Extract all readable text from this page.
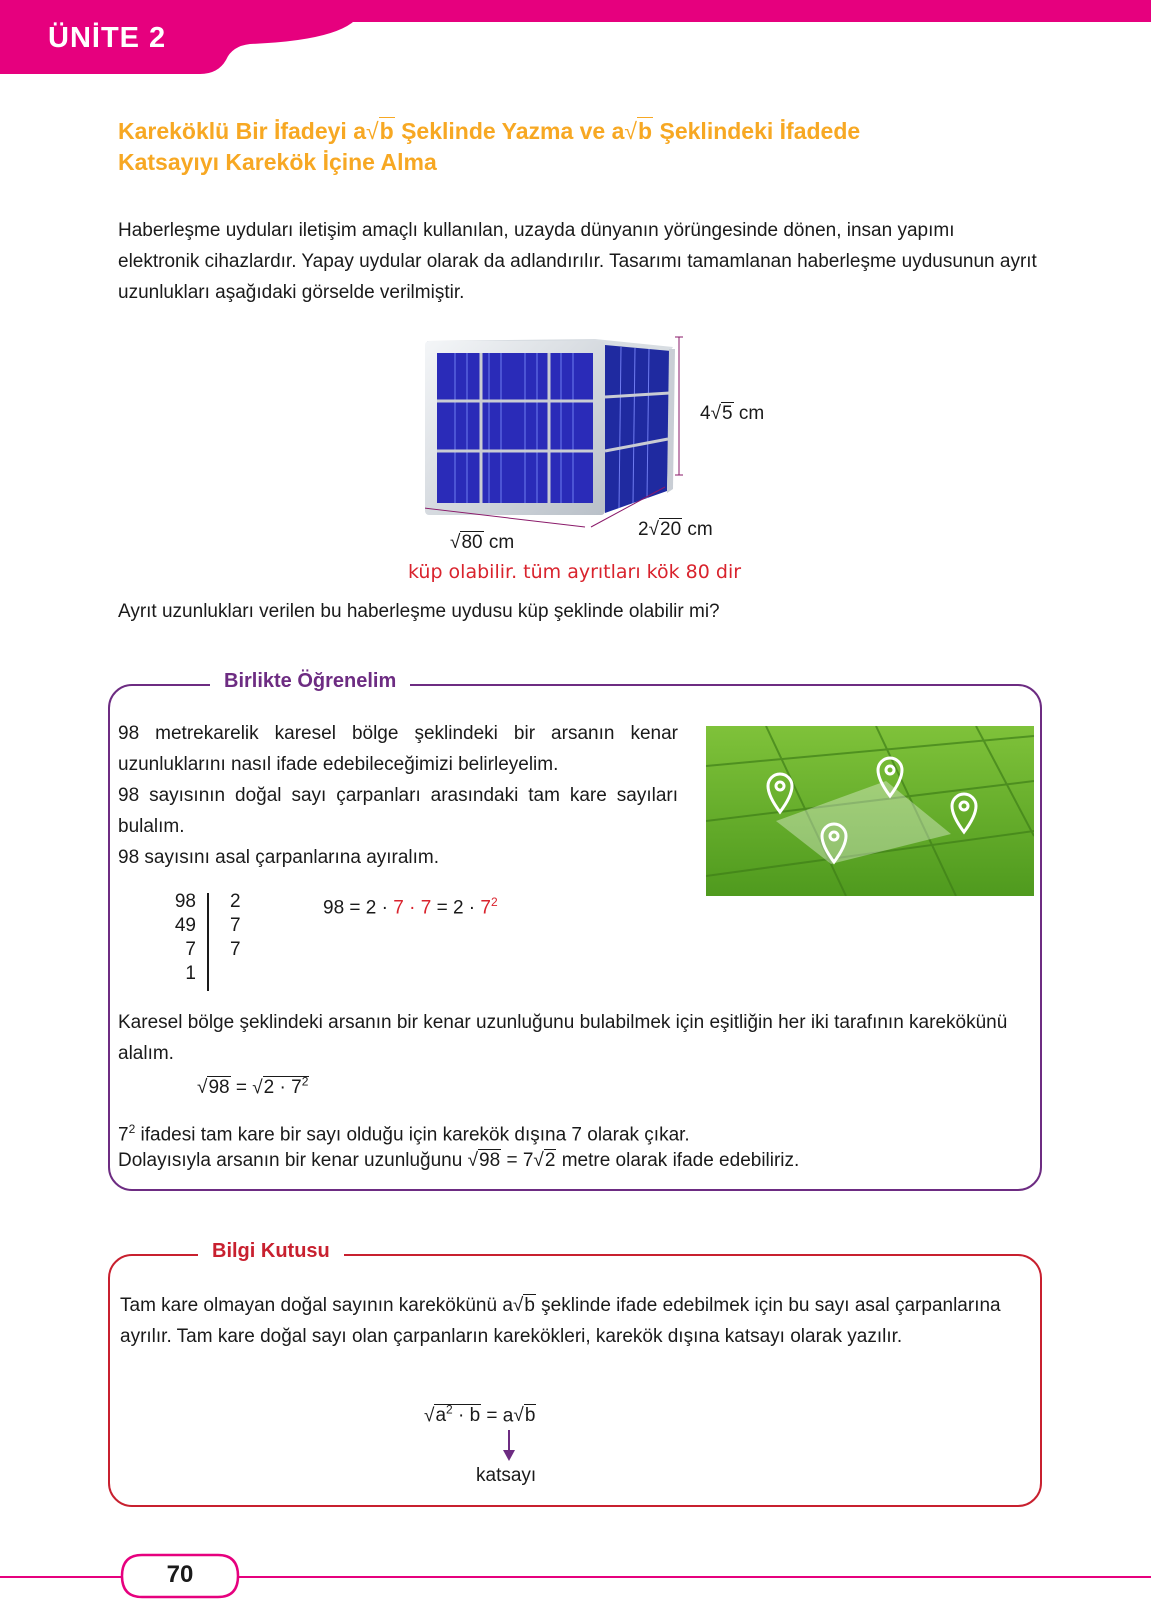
ÜNİTE 2
Kareköklü Bir İfadeyi a√b Şeklinde Yazma ve a√b Şeklindeki İfadede
Katsayıyı Karekök İçine Alma
Haberleşme uyduları iletişim amaçlı kullanılan, uzayda dünyanın yörüngesinde dönen, insan yapımı elektronik cihazlardır. Yapay uydular olarak da adlandırılır. Tasarımı tamamlanan haberleşme uydusunun ayrıt uzunlukları aşağıdaki görselde verilmiştir.
4√5 cm
√80 cm
2√20 cm
küp olabilir. tüm ayrıtları kök 80 dir
Ayrıt uzunlukları verilen bu haberleşme uydusu küp şeklinde olabilir mi?
Birlikte Öğrenelim
98 metrekarelik karesel bölge şeklindeki bir arsanın kenar uzunluklarını nasıl ifade edebileceğimizi belirleyelim.
98 sayısının doğal sayı çarpanları arasındaki tam kare sayıları bulalım.
98 sayısını asal çarpanlarına ayıralım.
98
49
7
1
2
7
7
$98 = 2 \cdot 7 \cdot 7 = 2 \cdot 7^2$
Karesel bölge şeklindeki arsanın bir kenar uzunluğunu bulabilmek için eşitliğin her iki tarafının karekökünü alalım.
$√98 = √2 \cdot 7^2$
$7^2$ ifadesi tam kare bir sayı olduğu için karekök dışına 7 olarak çıkar.
Dolayısıyla arsanın bir kenar uzunluğunu √98 = 7√2 metre olarak ifade edebiliriz.
Bilgi Kutusu
Tam kare olmayan doğal sayının karekökünü a√b şeklinde ifade edebilmek için bu sayı asal çarpanlarına ayrılır. Tam kare doğal sayı olan çarpanların karekökleri, karekök dışına katsayı olarak yazılır.
$√a^2 \cdot b = a√b$
katsayı
70
